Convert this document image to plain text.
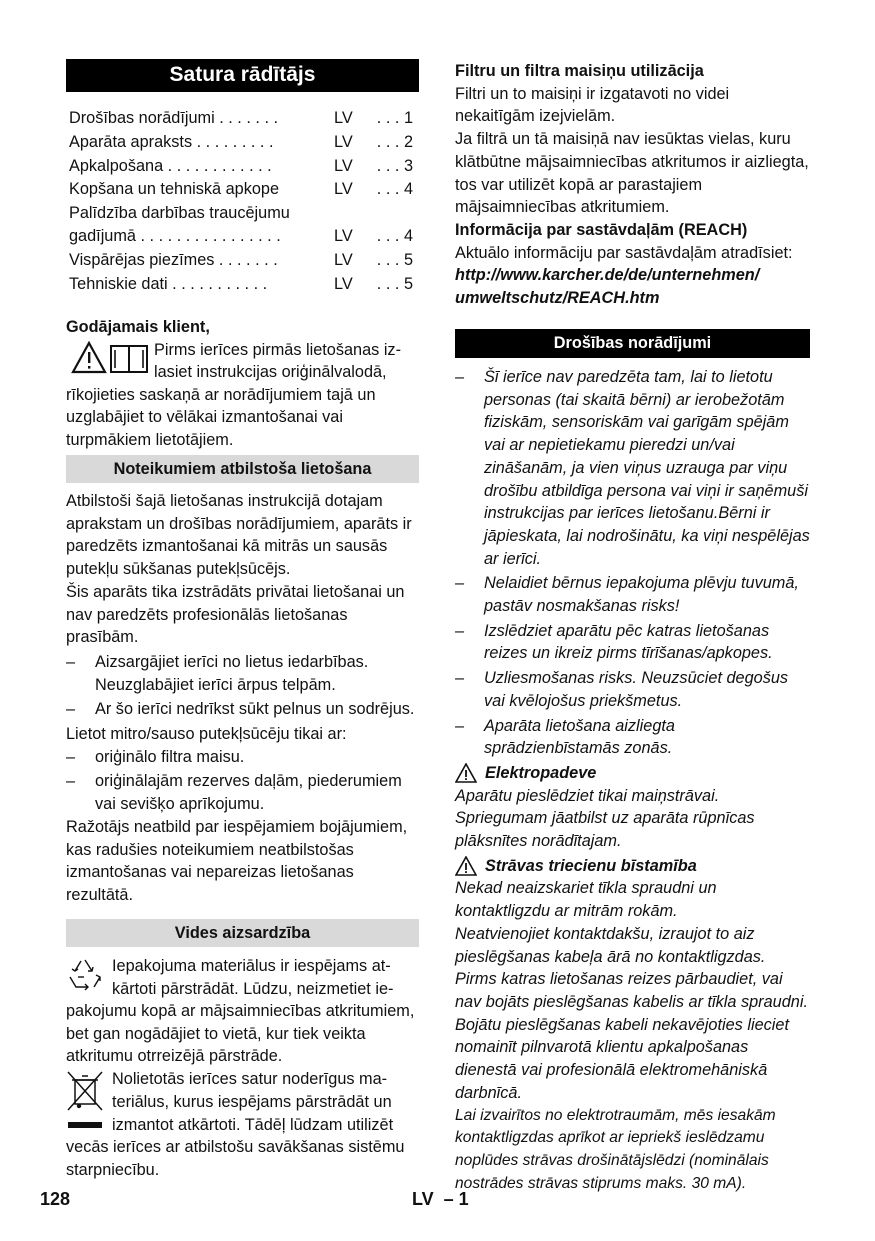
Satura rādītājs
Drošības norādījumi . . . . . . .	LV . . . 1
Aparāta apraksts . . . . . . . . .	LV . . . 2
Apkalpošana . . . . . . . . . . . .	LV . . . 3
Kopšana un tehniskā apkope	LV . . . 4
Palīdzība darbības traucējumu
gadījumā . . . . . . . . . . . . . . . .	LV . . . 4
Vispārējas piezīmes . . . . . . .	LV . . . 5
Tehniskie dati . . . . . . . . . . .	LV . . . 5

Godājamais klient,

Pirms ierīces pirmās lietošanas iz-

lasiet instrukcijas oriģinālvalodā,

rīkojieties saskaņā ar norādījumiem tajā un uzglabājiet to vēlākai izmantošanai vai turpmākiem lietotājiem.

Noteikumiem atbilstoša lietošana

Atbilstoši šajā lietošanas instrukcijā dotajam aprakstam un drošības norādījumiem, aparāts ir paredzēts izmantošanai kā mitrās un sausās putekļu sūkšanas putekļsūcējs.

Šis aparāts tika izstrādāts privātai lietošanai un nav paredzēts profesionālās lietošanas prasībām.

– Aizsargājiet ierīci no lietus iedarbības. Neuzglabājiet ierīci ārpus telpām.

– Ar šo ierīci nedrīkst sūkt pelnus un sodrējus.

Lietot mitro/sauso putekļsūcēju tikai ar:

– oriģinālo filtra maisu.

– oriģinālajām rezerves daļām, piederumiem vai sevišķo aprīkojumu.

Ražotājs neatbild par iespējamiem bojājumiem, kas radušies noteikumiem neatbilstošas izmantošanas vai nepareizas lietošanas rezultātā.

Vides aizsardzība

Iepakojuma materiālus ir iespējams at-

kārtoti pārstrādāt. Lūdzu, neizmetiet ie-

pakojumu kopā ar mājsaimniecības atkritumiem, bet gan nogādājiet to vietā, kur tiek veikta atkritumu otrreizējā pārstrāde.

Nolietotās ierīces satur noderīgus ma-

teriālus, kurus iespējams pārstrādāt un

izmantot atkārtoti. Tādēļ lūdzam utilizēt

vecās ierīces ar atbilstošu savākšanas sistēmu starpniecību.

Filtru un filtra maisiņu utilizācija

Filtri un to maisiņi ir izgatavoti no videi nekaitīgām izejvielām.

Ja filtrā un tā maisiņā nav iesūktas vielas, kuru klātbūtne mājsaimniecības atkritumos ir aizliegta, tos var utilizēt kopā ar parastajiem mājsaimniecības atkritumiem.

Informācija par sastāvdaļām (REACH)

Aktuālo informāciju par sastāvdaļām atradīsiet:

http://www.karcher.de/de/unternehmen/

umweltschutz/REACH.htm

Drošības norādījumi

– Šī ierīce nav paredzēta tam, lai to lietotu personas (tai skaitā bērni) ar ierobežotām fiziskām, sensoriskām vai garīgām spējām vai ar nepietiekamu pieredzi un/vai zināšanām, ja vien viņus uzrauga par viņu drošību atbildīga persona vai viņi ir saņēmuši instrukcijas par ierīces lietošanu.Bērni ir jāpieskata, lai nodrošinātu, ka viņi nespēlējas ar ierīci.

– Nelaidiet bērnus iepakojuma plēvju tuvumā, pastāv nosmakšanas risks!

– Izslēdziet aparātu pēc katras lietošanas reizes un ikreiz pirms tīrīšanas/apkopes.

– Uzliesmošanas risks. Neuzsūciet degošus vai kvēlojošus priekšmetus.

– Aparāta lietošana aizliegta sprādzienbīstamās zonās.

Elektropadeve

Aparātu pieslēdziet tikai maiņstrāvai. Spriegumam jāatbilst uz aparāta rūpnīcas plāksnītes norādītajam.

Strāvas triecienu bīstamība

Nekad neaizskariet tīkla spraudni un kontaktligzdu ar mitrām rokām.

Neatvienojiet kontaktdakšu, izraujot to aiz pieslēgšanas kabeļa ārā no kontaktligzdas.

Pirms katras lietošanas reizes pārbaudiet, vai nav bojāts pieslēgšanas kabelis ar tīkla spraudni. Bojātu pieslēgšanas kabeli nekavējoties lieciet nomainīt pilnvarotā klientu apkalpošanas dienestā vai profesionālā elektromehāniskā darbnīcā.

Lai izvairītos no elektrotraumām, mēs iesakām kontaktligzdas aprīkot ar iepriekš ieslēdzamu noplūdes strāvas drošinātājslēdzi (nominālais nostrādes strāvas stiprums maks. 30 mA).

128	LV  – 1
